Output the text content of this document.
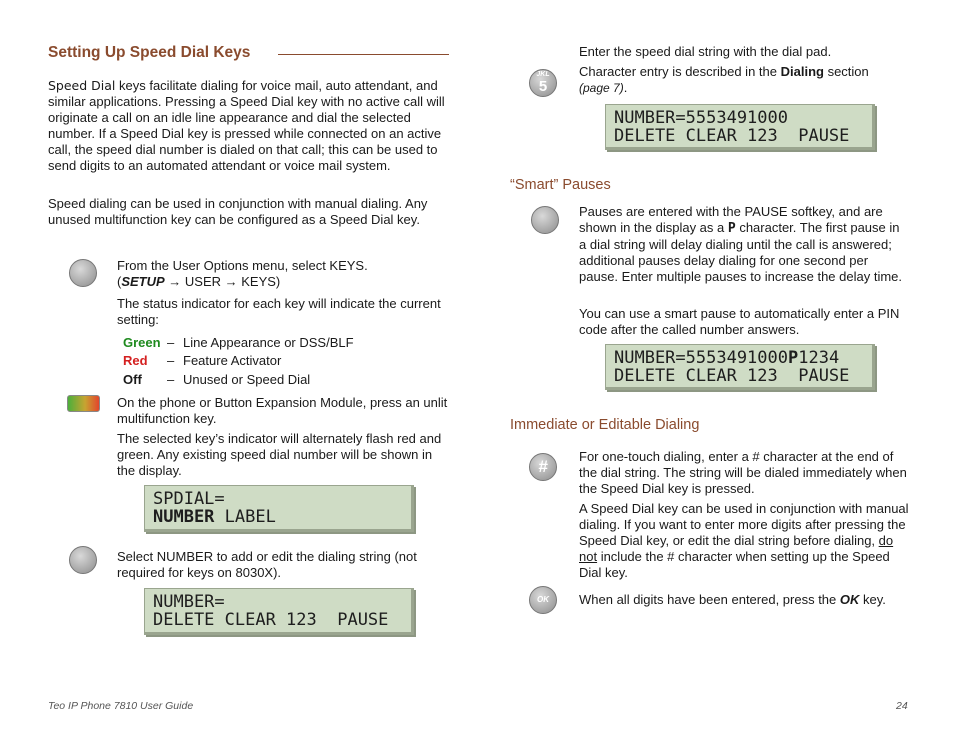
Setting Up Speed Dial Keys

Speed Dial keys facilitate dialing for voice mail, auto attendant, and similar applications. Pressing a Speed Dial key with no active call will originate a call on an idle line appearance and dial the selected number. If a Speed Dial key is pressed while connected on an active call, the speed dial number is dialed on that call; this can be used to send digits to an automated attendant or voice mail system.

Speed dialing can be used in conjunction with manual dialing. Any unused multifunction key can be configured as a Speed Dial key.

From the User Options menu, select KEYS.
(SETUP → USER → KEYS)

The status indicator for each key will indicate the current setting:

Green – Line Appearance or DSS/BLF
Red – Feature Activator
Off – Unused or Speed Dial

On the phone or Button Expansion Module, press an unlit multifunction key.

The selected key’s indicator will alternately flash red and green. Any existing speed dial number will be shown in the display.

SPDIAL=
NUMBER LABEL

Select NUMBER to add or edit the dialing string (not required for keys on 8030X).

NUMBER=
DELETE CLEAR 123  PAUSE

Enter the speed dial string with the dial pad.

JKL
5

Character entry is described in the Dialing section
(page 7).

NUMBER=5553491000
DELETE CLEAR 123  PAUSE
“Smart” Pauses

Pauses are entered with the PAUSE softkey, and are shown in the display as a P character. The first pause in a dial string will delay dialing until the call is answered; additional pauses delay dialing for one second per pause. Enter multiple pauses to increase the delay time.

You can use a smart pause to automatically enter a PIN code after the called number answers.

NUMBER=5553491000P1234
DELETE CLEAR 123  PAUSE
Immediate or Editable Dialing
#

For one-touch dialing, enter a # character at the end of the dial string. The string will be dialed immediately when the Speed Dial key is pressed.

A Speed Dial key can be used in conjunction with manual dialing. If you want to enter more digits after pressing the Speed Dial key, or edit the dial string before dialing, do not include the # character when setting up the Speed Dial key.

OK	When all digits have been entered, press the OK key.

Teo IP Phone 7810 User Guide	24
